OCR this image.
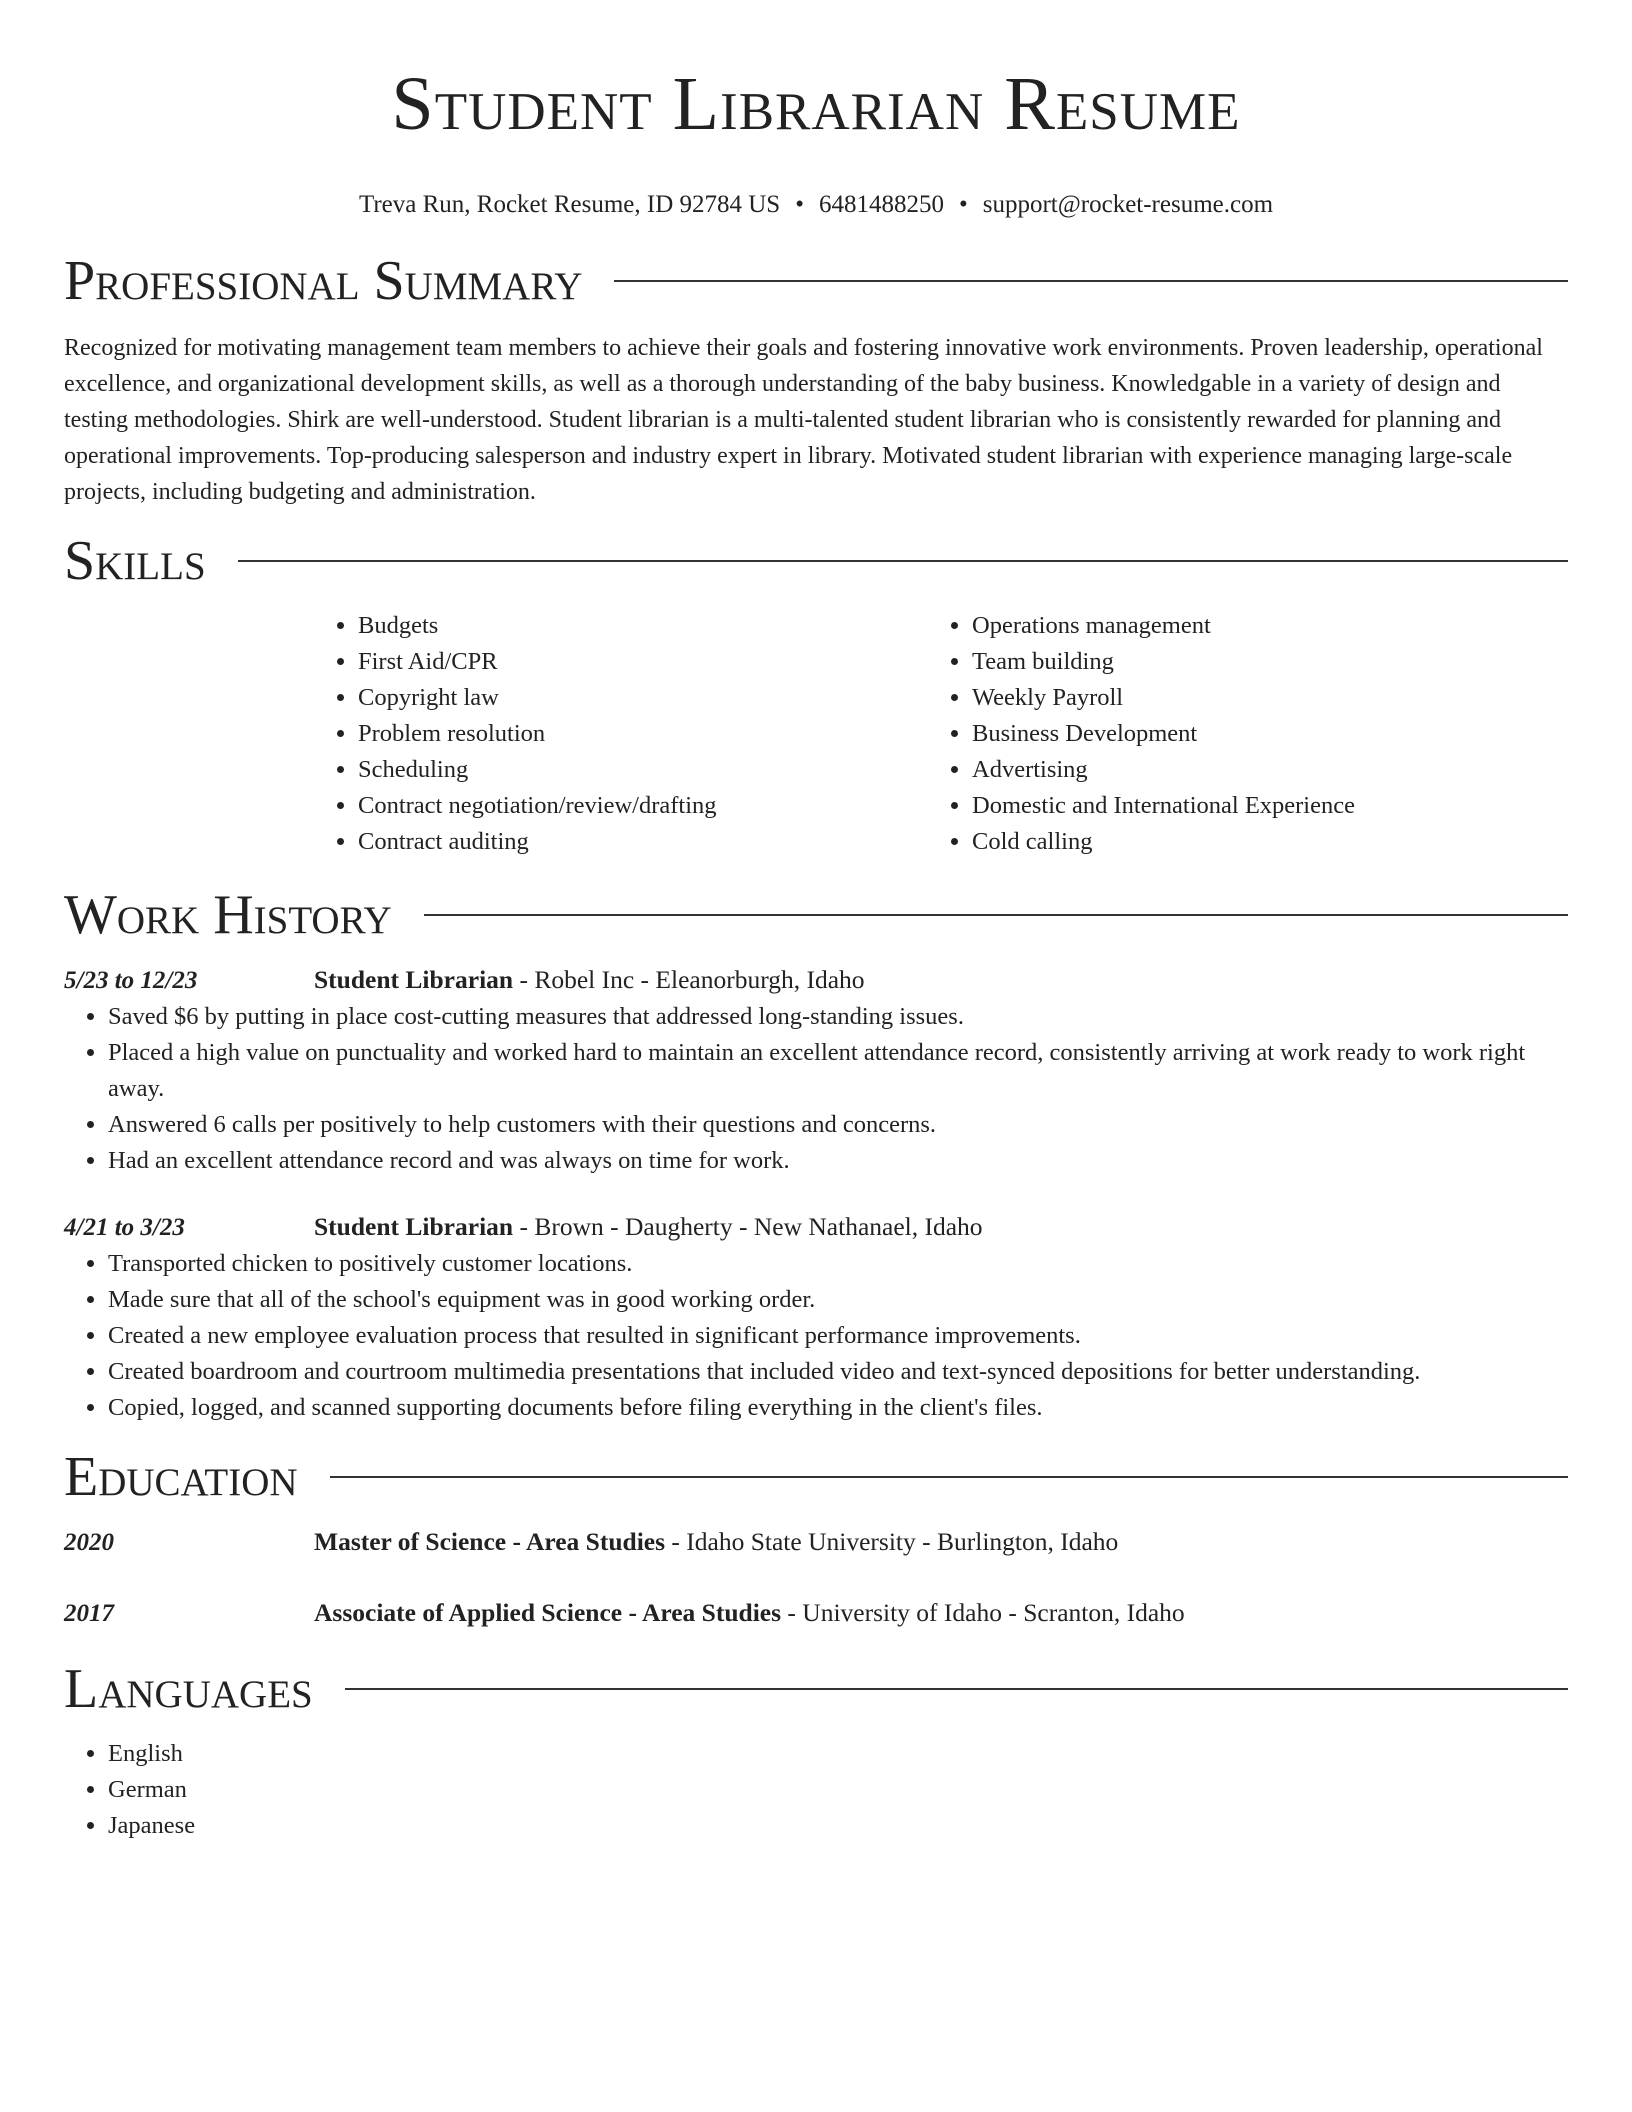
Student Librarian Resume
Treva Run, Rocket Resume, ID 92784 US • 6481488250 • support@rocket-resume.com
Professional Summary

Recognized for motivating management team members to achieve their goals and fostering innovative work environments. Proven leadership, operational excellence, and organizational development skills, as well as a thorough understanding of the baby business. Knowledgable in a variety of design and testing methodologies. Shirk are well-understood. Student librarian is a multi-talented student librarian who is consistently rewarded for planning and operational improvements. Top-producing salesperson and industry expert in library. Motivated student librarian with experience managing large-scale projects, including budgeting and administration.

Skills
• Budgets
• First Aid/CPR
• Copyright law
• Problem resolution
• Scheduling
• Contract negotiation/review/drafting
• Contract auditing
• Operations management
• Team building
• Weekly Payroll
• Business Development
• Advertising
• Domestic and International Experience
• Cold calling
Work History
5/23 to 12/23	Student Librarian - Robel Inc - Eleanorburgh, Idaho
• Saved $6 by putting in place cost-cutting measures that addressed long-standing issues.
• Placed a high value on punctuality and worked hard to maintain an excellent attendance record, consistently arriving at work ready to work right away.
• Answered 6 calls per positively to help customers with their questions and concerns.
• Had an excellent attendance record and was always on time for work.
4/21 to 3/23	Student Librarian - Brown - Daugherty - New Nathanael, Idaho
• Transported chicken to positively customer locations.
• Made sure that all of the school's equipment was in good working order.
• Created a new employee evaluation process that resulted in significant performance improvements.
• Created boardroom and courtroom multimedia presentations that included video and text-synced depositions for better understanding.
• Copied, logged, and scanned supporting documents before filing everything in the client's files.
Education
2020	Master of Science - Area Studies - Idaho State University - Burlington, Idaho
2017	Associate of Applied Science - Area Studies - University of Idaho - Scranton, Idaho
Languages
• English
• German
• Japanese
